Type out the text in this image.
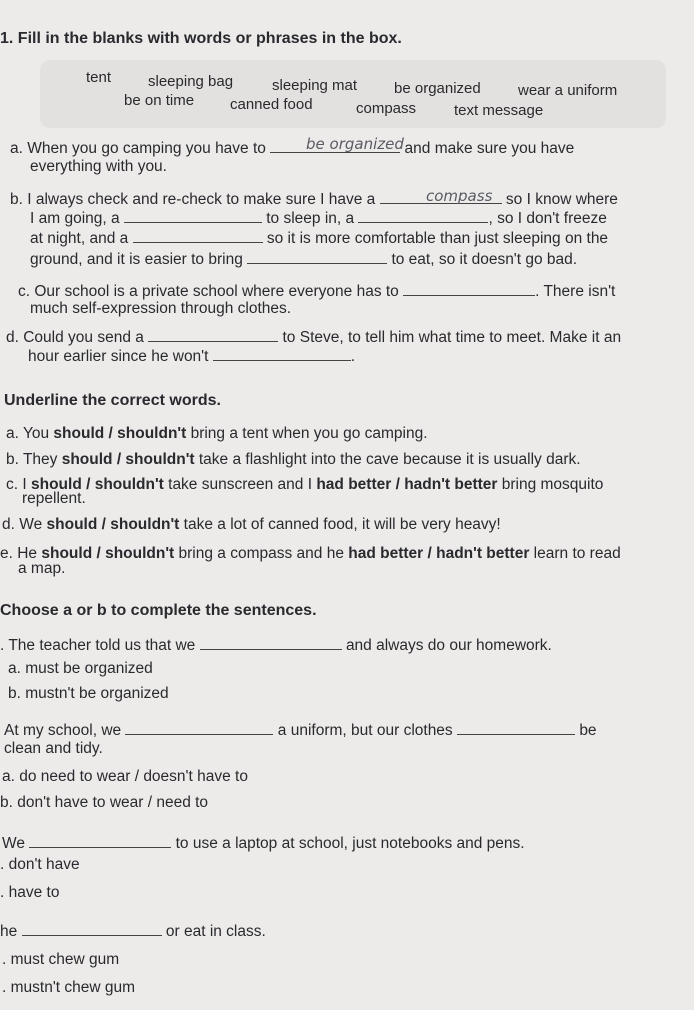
1. Fill in the blanks with words or phrases in the box.
tent sleeping bag	sleeping mat be organized wear a uniform
be on time canned food	compass	text message
a. When you go camping you have to	and make sure you have
be organized
everything with you.
b. I always check and re-check to make sure I have a	so I know where
compass
I am going, a	to sleep in, a	, so I don't freeze
at night, and a	so it is more comfortable than just sleeping on the
ground, and it is easier to bring	to eat, so it doesn't go bad.
c. Our school is a private school where everyone has to	. There isn't
much self-expression through clothes.
d. Could you send a	to Steve, to tell him what time to meet. Make it an
hour earlier since he won't	.
Underline the correct words.
a. You should / shouldn't bring a tent when you go camping.
b. They should / shouldn't take a flashlight into the cave because it is usually dark.
c. I should / shouldn't take sunscreen and I had better / hadn't better bring mosquito
repellent.
d. We should / shouldn't take a lot of canned food, it will be very heavy!
e. He should / shouldn't bring a compass and he had better / hadn't better learn to read
a map.
Choose a or b to complete the sentences.
. The teacher told us that we	and always do our homework.
a. must be organized
b. mustn't be organized
At my school, we	a uniform, but our clothes	be
clean and tidy.
a. do need to wear / doesn't have to
b. don't have to wear / need to
We	to use a laptop at school, just notebooks and pens.
. don't have
. have to
he	or eat in class.
. must chew gum
. mustn't chew gum
